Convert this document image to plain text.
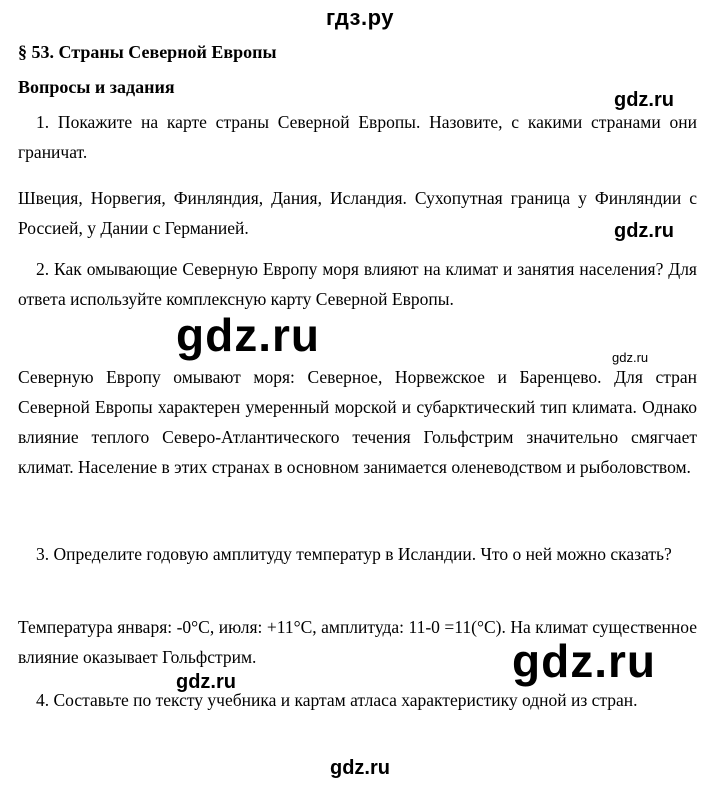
гдз.ру
§ 53. Страны Северной Европы
Вопросы и задания
1. Покажите на карте страны Северной Европы. Назовите, с какими странами они граничат.
Швеция, Норвегия, Финляндия, Дания, Исландия. Сухопутная граница у Финляндии с Россией, у Дании с Германией.
2. Как омывающие Северную Европу моря влияют на климат и занятия населения? Для ответа используйте комплексную карту Северной Европы.
Северную Европу омывают моря: Северное, Норвежское и Баренцево. Для стран Северной Европы характерен умеренный морской и субарктический тип климата. Однако влияние теплого Северо-Атлантического течения Гольфстрим значительно смягчает климат. Население в этих странах в основном занимается оленеводством и рыболовством.
3. Определите годовую амплитуду температур в Исландии. Что о ней можно сказать?
Температура января: -0°C, июля: +11°C, амплитуда: 11-0 =11(°C). На климат существенное влияние оказывает Гольфстрим.
4. Составьте по тексту учебника и картам атласа характеристику одной из стран.
gdz.ru
gdz.ru
gdz.ru	gdz.ru
gdz.ru
gdz.ru
gdz.ru
